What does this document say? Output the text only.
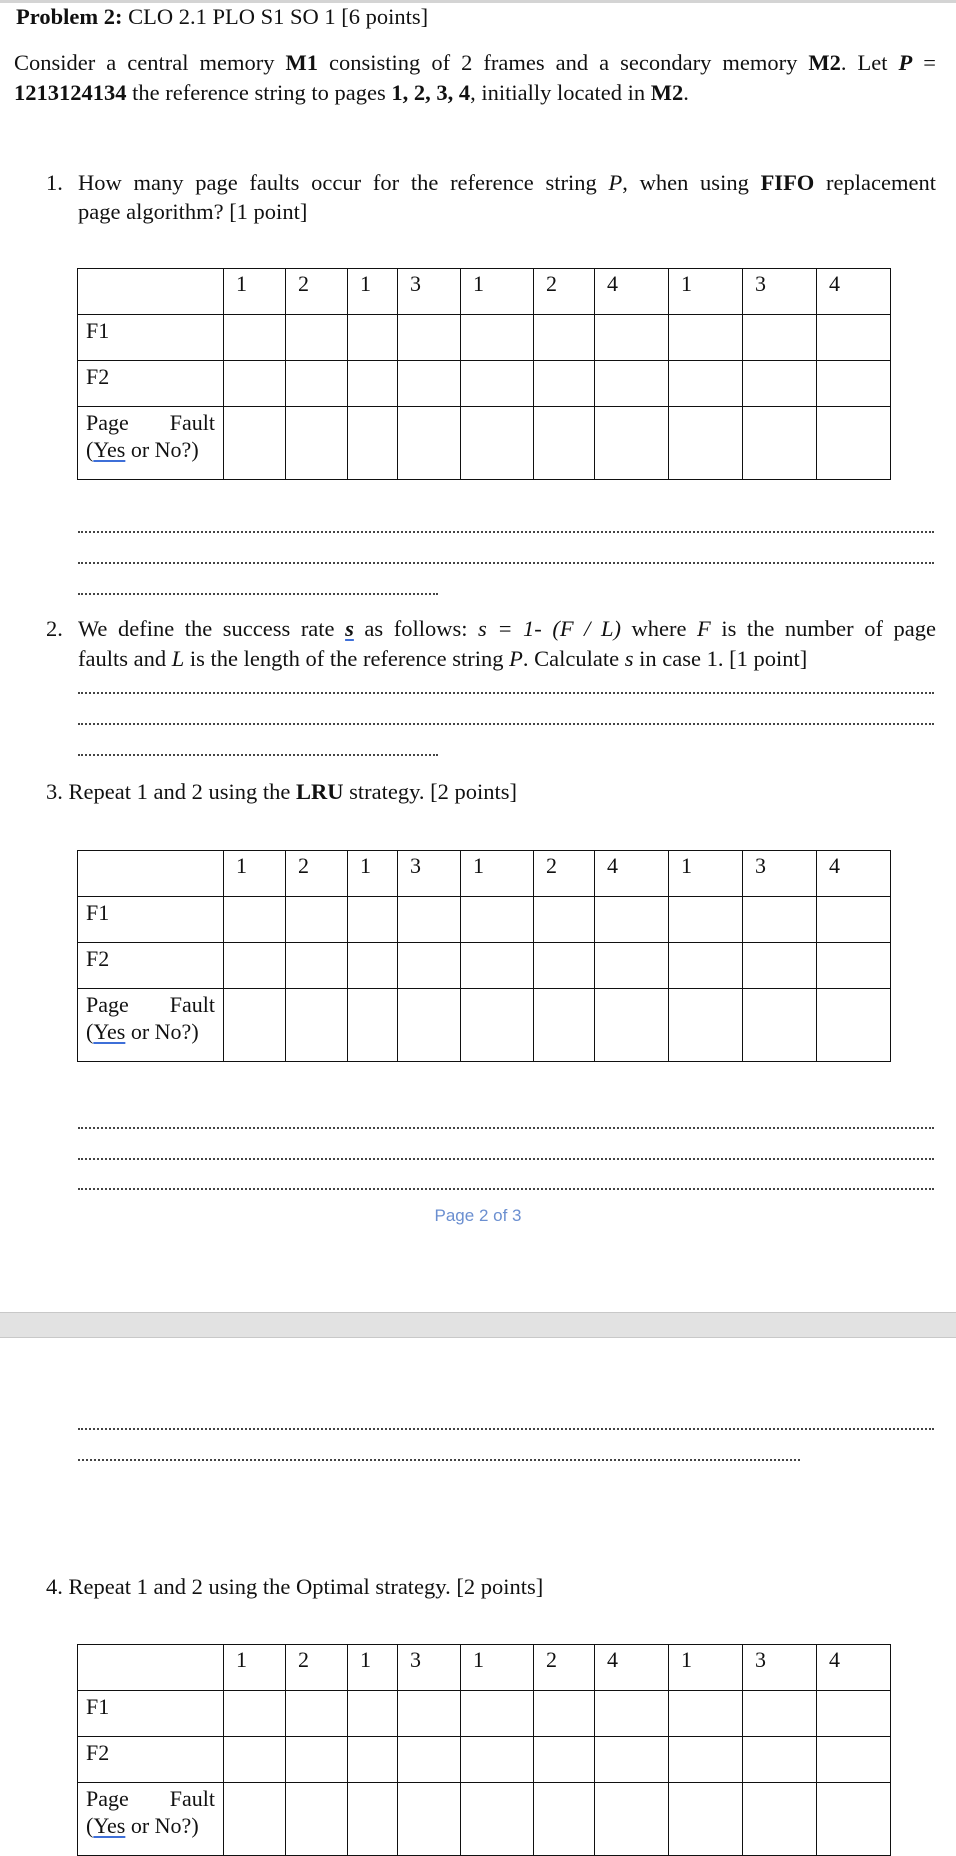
Problem 2: CLO 2.1 PLO S1 SO 1 [6 points]
Consider a central memory M1 consisting of 2 frames and a secondary memory M2. Let P =
1213124134 the reference string to pages 1, 2, 3, 4, initially located in M2.
1. How many page faults occur for the reference string P, when using FIFO replacement
page algorithm? [1 point]
	1	2	1	3	1	2	4	1	3	4
F1										
F2										

Page Fault
(Yes or No?)										

2. We define the success rate s as follows: s = 1- (F / L) where F is the number of page
faults and L is the length of the reference string P. Calculate s in case 1. [1 point]
3. Repeat 1 and 2 using the LRU strategy. [2 points]
	1	2	1	3	1	2	4	1	3	4
F1										
F2										

Page Fault
(Yes or No?)										

Page 2 of 3
4. Repeat 1 and 2 using the Optimal strategy. [2 points]
	1	2	1	3	1	2	4	1	3	4
F1										
F2										

Page Fault
(Yes or No?)										
